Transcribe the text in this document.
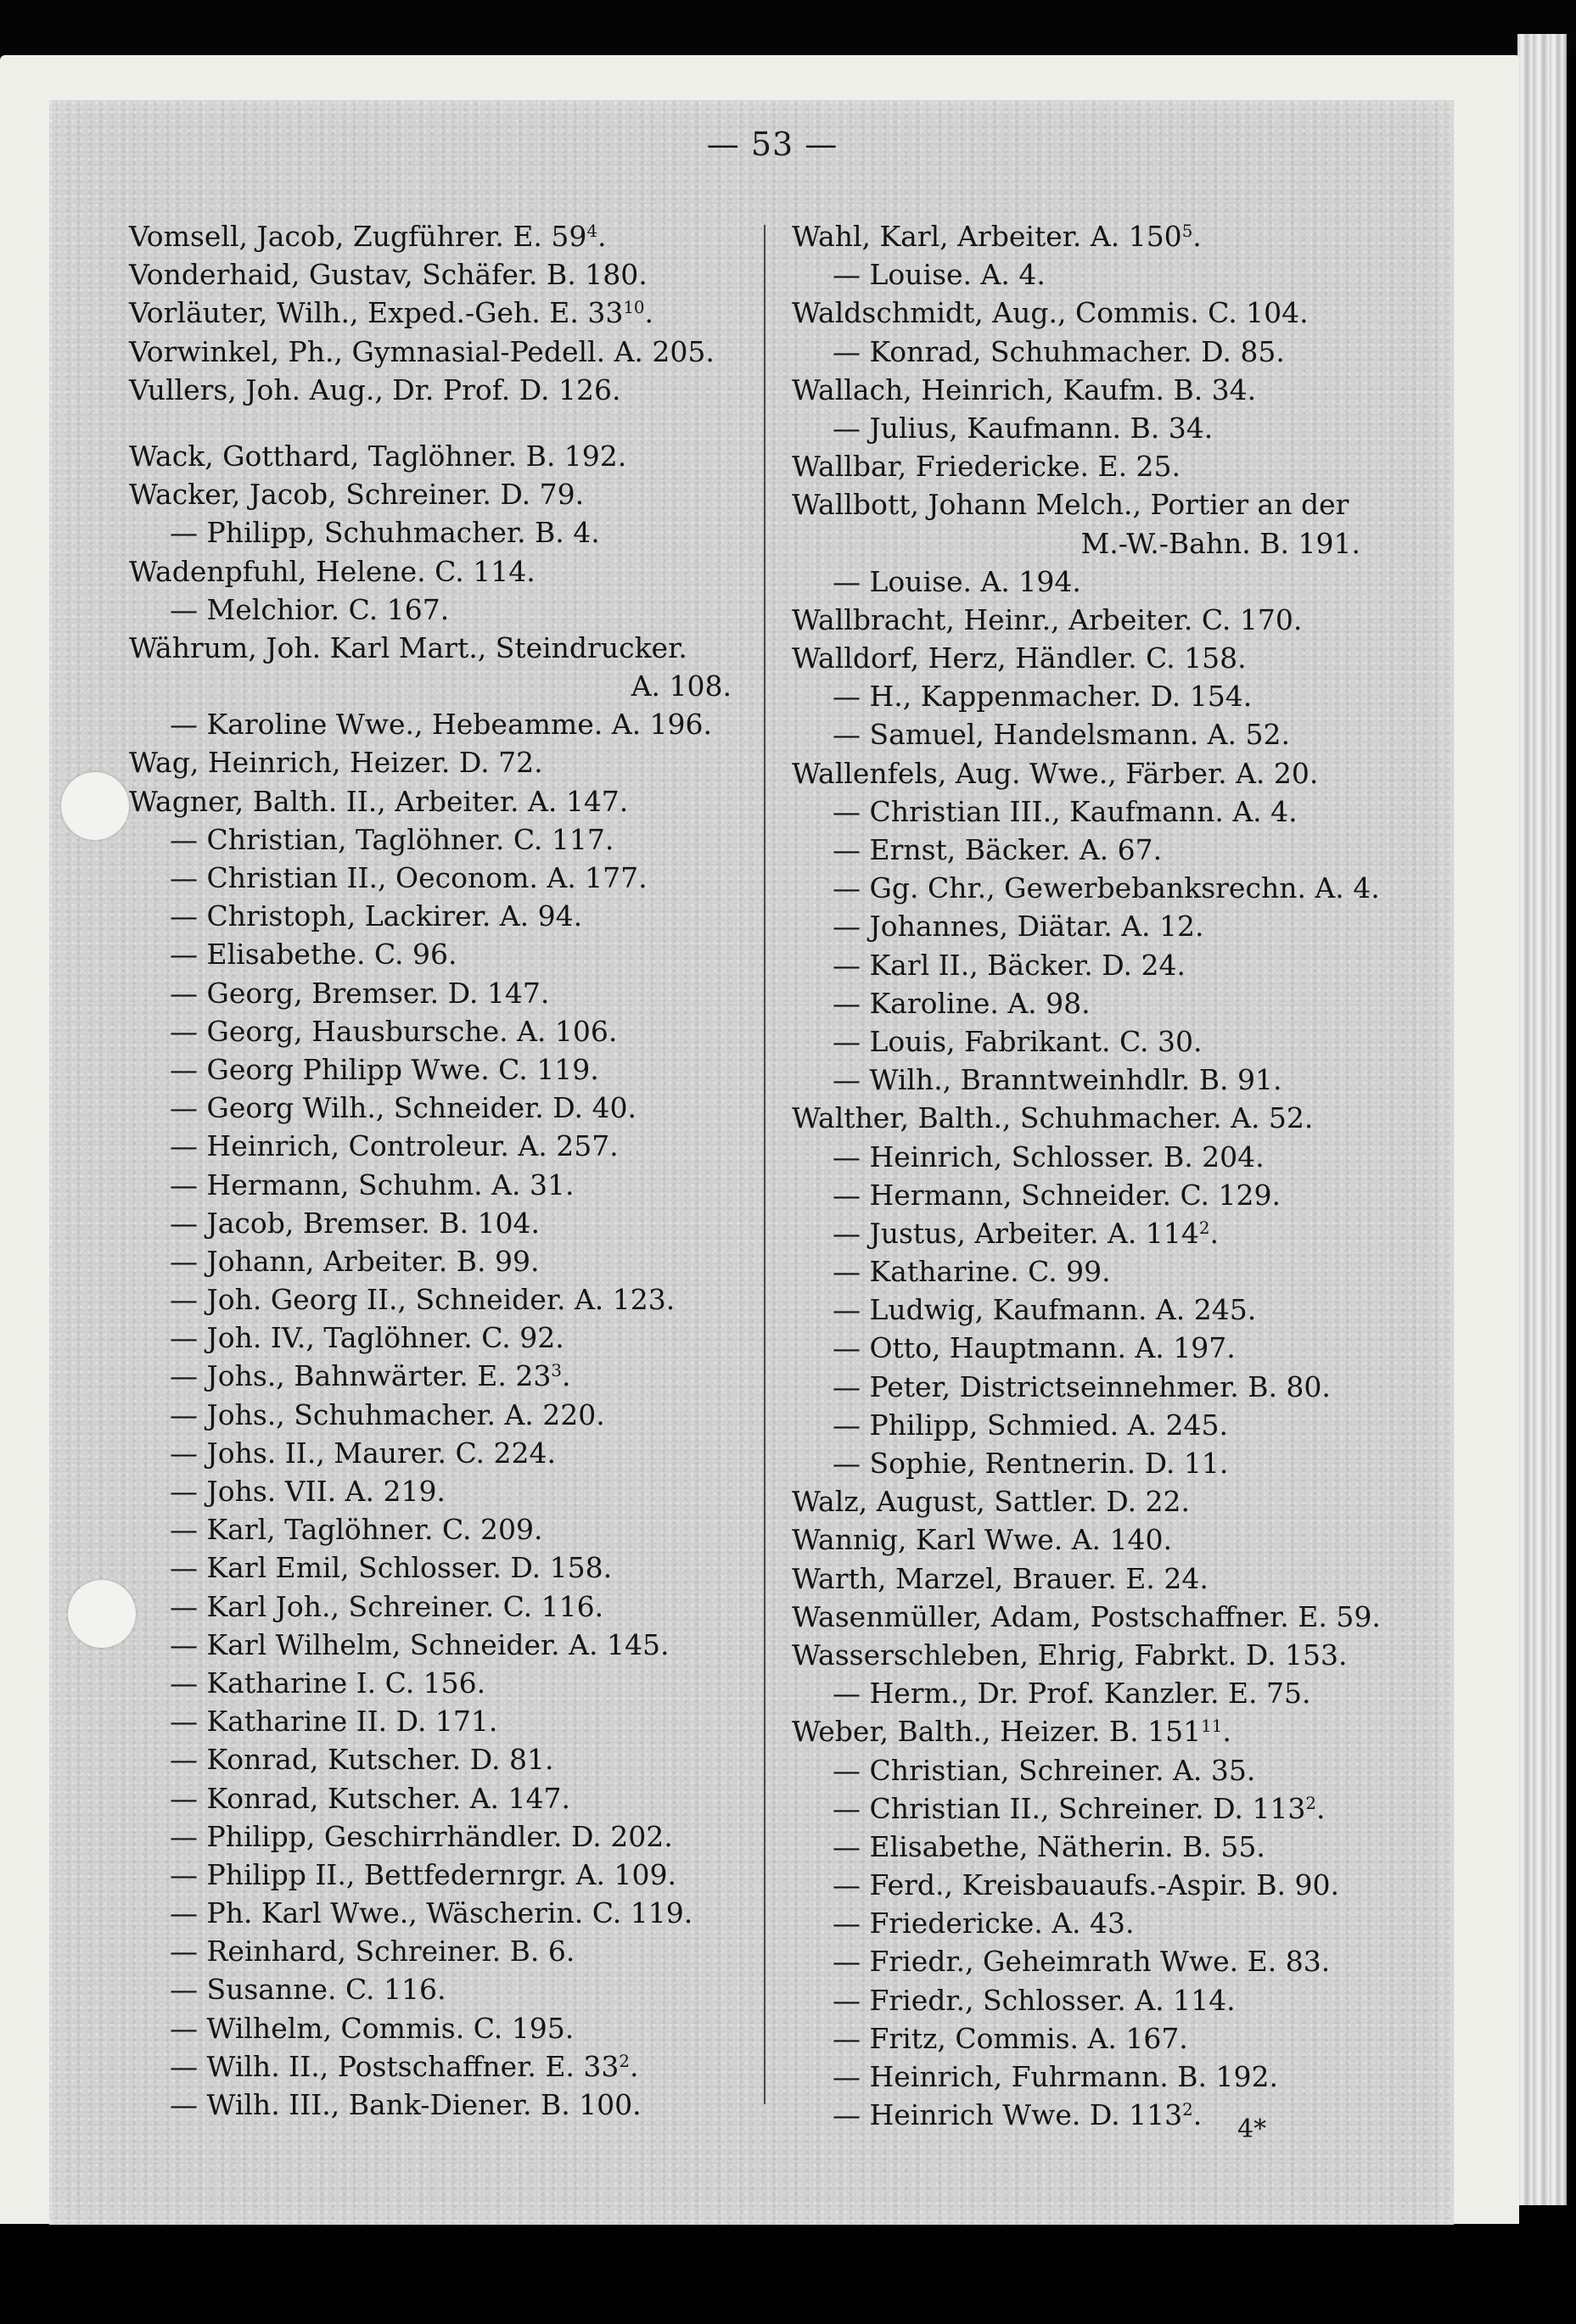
— 53 —
Vomsell, Jacob, Zugführer. E. $59^4$.
Vonderhaid, Gustav, Schäfer. B. 180.
Vorläuter, Wilh., Exped.-Geh. E. $33^{10}$.
Vorwinkel, Ph., Gymnasial-Pedell. A. 205.
Vullers, Joh. Aug., Dr. Prof. D. 126.
Wack, Gotthard, Taglöhner. B. 192.
Wacker, Jacob, Schreiner. D. 79.
— Philipp, Schuhmacher. B. 4.
Wadenpfuhl, Helene. C. 114.
— Melchior. C. 167.
Währum, Joh. Karl Mart., Steindrucker.
A. 108.
— Karoline Wwe., Hebeamme. A. 196.
Wag, Heinrich, Heizer. D. 72.
Wagner, Balth. II., Arbeiter. A. 147.
— Christian, Taglöhner. C. 117.
— Christian II., Oeconom. A. 177.
— Christoph, Lackirer. A. 94.
— Elisabethe. C. 96.
— Georg, Bremser. D. 147.
— Georg, Hausbursche. A. 106.
— Georg Philipp Wwe. C. 119.
— Georg Wilh., Schneider. D. 40.
— Heinrich, Controleur. A. 257.
— Hermann, Schuhm. A. 31.
— Jacob, Bremser. B. 104.
— Johann, Arbeiter. B. 99.
— Joh. Georg II., Schneider. A. 123.
— Joh. IV., Taglöhner. C. 92.
— Johs., Bahnwärter. E. $23^3$.
— Johs., Schuhmacher. A. 220.
— Johs. II., Maurer. C. 224.
— Johs. VII. A. 219.
— Karl, Taglöhner. C. 209.
— Karl Emil, Schlosser. D. 158.
— Karl Joh., Schreiner. C. 116.
— Karl Wilhelm, Schneider. A. 145.
— Katharine I. C. 156.
— Katharine II. D. 171.
— Konrad, Kutscher. D. 81.
— Konrad, Kutscher. A. 147.
— Philipp, Geschirrhändler. D. 202.
— Philipp II., Bettfedernrgr. A. 109.
— Ph. Karl Wwe., Wäscherin. C. 119.
— Reinhard, Schreiner. B. 6.
— Susanne. C. 116.
— Wilhelm, Commis. C. 195.
— Wilh. II., Postschaffner. E. $33^2$.
— Wilh. III., Bank-Diener. B. 100.
Wahl, Karl, Arbeiter. A. $150^5$.
— Louise. A. 4.
Waldschmidt, Aug., Commis. C. 104.
— Konrad, Schuhmacher. D. 85.
Wallach, Heinrich, Kaufm. B. 34.
— Julius, Kaufmann. B. 34.
Wallbar, Friedericke. E. 25.
Wallbott, Johann Melch., Portier an der
M.-W.-Bahn. B. 191.
— Louise. A. 194.
Wallbracht, Heinr., Arbeiter. C. 170.
Walldorf, Herz, Händler. C. 158.
— H., Kappenmacher. D. 154.
— Samuel, Handelsmann. A. 52.
Wallenfels, Aug. Wwe., Färber. A. 20.
— Christian III., Kaufmann. A. 4.
— Ernst, Bäcker. A. 67.
— Gg. Chr., Gewerbebanksrechn. A. 4.
— Johannes, Diätar. A. 12.
— Karl II., Bäcker. D. 24.
— Karoline. A. 98.
— Louis, Fabrikant. C. 30.
— Wilh., Branntweinhdlr. B. 91.
Walther, Balth., Schuhmacher. A. 52.
— Heinrich, Schlosser. B. 204.
— Hermann, Schneider. C. 129.
— Justus, Arbeiter. A. $114^2$.
— Katharine. C. 99.
— Ludwig, Kaufmann. A. 245.
— Otto, Hauptmann. A. 197.
— Peter, Districtseinnehmer. B. 80.
— Philipp, Schmied. A. 245.
— Sophie, Rentnerin. D. 11.
Walz, August, Sattler. D. 22.
Wannig, Karl Wwe. A. 140.
Warth, Marzel, Brauer. E. 24.
Wasenmüller, Adam, Postschaffner. E. 59.
Wasserschleben, Ehrig, Fabrkt. D. 153.
— Herm., Dr. Prof. Kanzler. E. 75.
Weber, Balth., Heizer. B. $151^{11}$.
— Christian, Schreiner. A. 35.
— Christian II., Schreiner. D. $113^2$.
— Elisabethe, Nätherin. B. 55.
— Ferd., Kreisbauaufs.-Aspir. B. 90.
— Friedericke. A. 43.
— Friedr., Geheimrath Wwe. E. 83.
— Friedr., Schlosser. A. 114.
— Fritz, Commis. A. 167.
— Heinrich, Fuhrmann. B. 192.
— Heinrich Wwe. D. $113^2$.	4*
